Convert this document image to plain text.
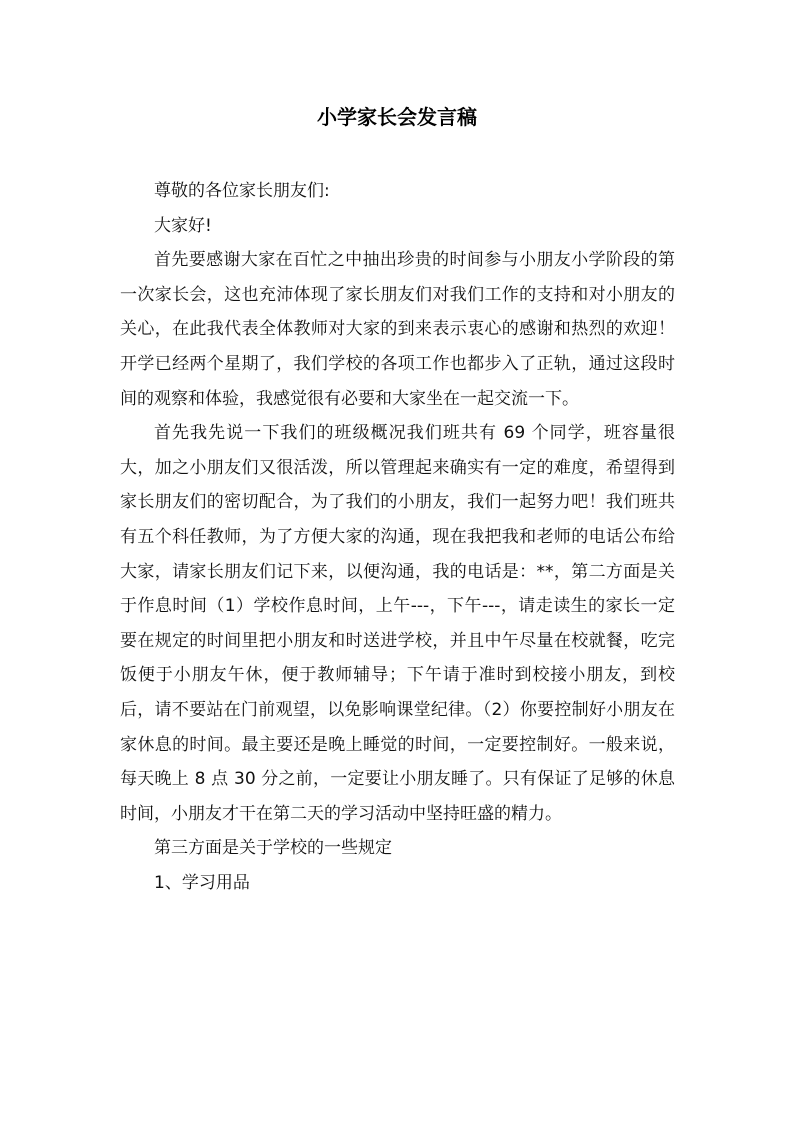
小学家长会发言稿

尊敬的各位家长朋友们:

大家好!

首先要感谢大家在百忙之中抽出珍贵的时间参与小朋友小学阶段的第一次家长会，这也充沛体现了家长朋友们对我们工作的支持和对小朋友的关心，在此我代表全体教师对大家的到来表示衷心的感谢和热烈的欢迎！开学已经两个星期了，我们学校的各项工作也都步入了正轨，通过这段时间的观察和体验，我感觉很有必要和大家坐在一起交流一下。

首先我先说一下我们的班级概况我们班共有 69 个同学，班容量很大，加之小朋友们又很活泼，所以管理起来确实有一定的难度，希望得到家长朋友们的密切配合，为了我们的小朋友，我们一起努力吧！我们班共有五个科任教师，为了方便大家的沟通，现在我把我和老师的电话公布给大家，请家长朋友们记下来，以便沟通，我的电话是：**，第二方面是关于作息时间（1）学校作息时间，上午---，下午---，请走读生的家长一定要在规定的时间里把小朋友和时送进学校，并且中午尽量在校就餐，吃完饭便于小朋友午休，便于教师辅导；下午请于准时到校接小朋友，到校后，请不要站在门前观望，以免影响课堂纪律。（2）你要控制好小朋友在家休息的时间。最主要还是晚上睡觉的时间，一定要控制好。一般来说，每天晚上 8 点 30 分之前，一定要让小朋友睡了。只有保证了足够的休息时间，小朋友才干在第二天的学习活动中坚持旺盛的精力。

第三方面是关于学校的一些规定

1、学习用品
